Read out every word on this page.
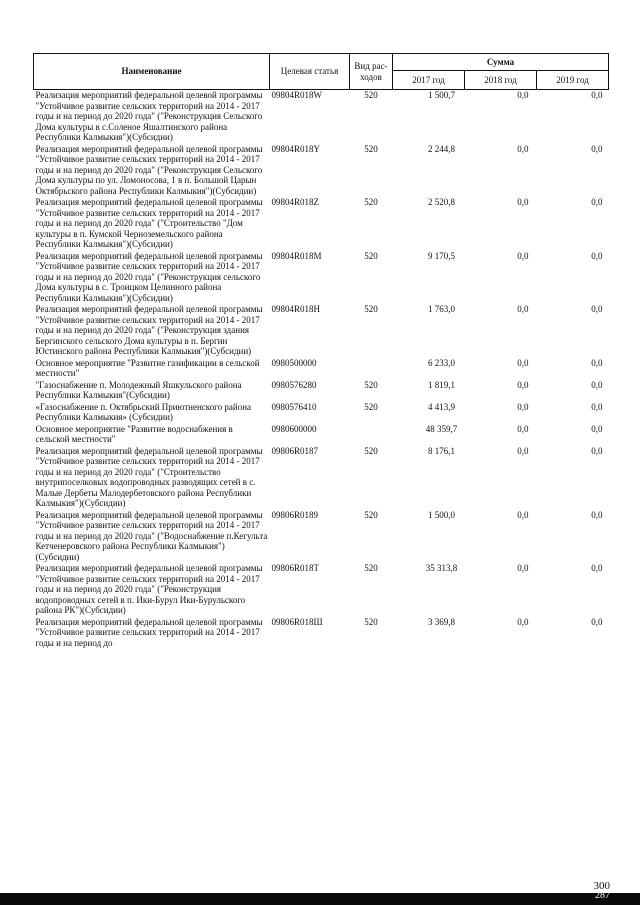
Наименование	Целевая статья	Вид рас-ходов	Сумма		
			2017 год	2018 год	2019 год
Реализация мероприятий федеральной целевой программы "Устойчивое развитие сельских территорий на 2014 - 2017 годы и на период до 2020 года" ("Реконструкция Сельского Дома культуры в с.Соленое Яшалтинского района Республики Калмыкия")(Субсидии)	09804R018W	520	1 500,7	0,0	0,0
Реализация мероприятий федеральной целевой программы "Устойчивое развитие сельских территорий на 2014 - 2017 годы и на период до 2020 года" ("Реконструкция Сельского Дома культуры по ул. Ломоносова, 1 в п. Большой Царын Октябрьского района Республики Калмыкия")(Субсидии)	09804R018Y	520	2 244,8	0,0	0,0
Реализация мероприятий федеральной целевой программы "Устойчивое развитие сельских территорий на 2014 - 2017 годы и на период до 2020 года" ("Строительство "Дом культуры в п. Кумской Черноземельского района Республики Калмыкия")(Субсидии)	09804R018Z	520	2 520,8	0,0	0,0
Реализация мероприятий федеральной целевой программы "Устойчивое развитие сельских территорий на 2014 - 2017 годы и на период до 2020 года" ("Реконструкция сельского Дома культуры в с. Троицком Целинного района Республики Калмыкия")(Субсидии)	09804R018М	520	9 170,5	0,0	0,0
Реализация мероприятий федеральной целевой программы "Устойчивое развитие сельских территорий на 2014 - 2017 годы и на период до 2020 года" ("Реконструкция здания Бергинского сельского Дома культуры в п. Бергин Юстинского района Республики Калмыкия")(Субсидии)	09804R018Н	520	1 763,0	0,0	0,0
Основное мероприятие "Развитие газификации в сельской местности"	0980500000		6 233,0	0,0	0,0
"Газоснабжение п. Молодежный Яшкульского района Республики Калмыкия"(Субсидии)	0980576280	520	1 819,1	0,0	0,0
«Газоснабжение п. Октябрьский Приютненского района Республики Калмыкия» (Субсидии)	0980576410	520	4 413,9	0,0	0,0
Основное мероприятие "Развитие водоснабжения в сельской местности"	0980600000		48 359,7	0,0	0,0
Реализация мероприятий федеральной целевой программы "Устойчивое развитие сельских территорий на 2014 - 2017 годы и на период до 2020 года" ("Строительство внутрипоселковых водопроводных разводящих сетей в с. Малые Дербеты Малодербетовского района Республики Калмыкия")(Субсидии)	09806R0187	520	8 176,1	0,0	0,0
Реализация мероприятий федеральной целевой программы "Устойчивое развитие сельских территорий на 2014 - 2017 годы и на период до 2020 года" ("Водоснабжение п.Кегульта Кетченеровского района Республики Калмыкия")(Субсидии)	09806R0189	520	1 500,0	0,0	0,0
Реализация мероприятий федеральной целевой программы "Устойчивое развитие сельских территорий на 2014 - 2017 годы и на период до 2020 года" ("Реконструкция водопроводных сетей в п. Ики-Бурул Ики-Бурульского района РК")(Субсидии)	09806R018Т	520	35 313,8	0,0	0,0
Реализация мероприятий федеральной целевой программы "Устойчивое развитие сельских территорий на 2014 - 2017 годы и на период до	09806R018Ш	520	3 369,8	0,0	0,0
300
287
